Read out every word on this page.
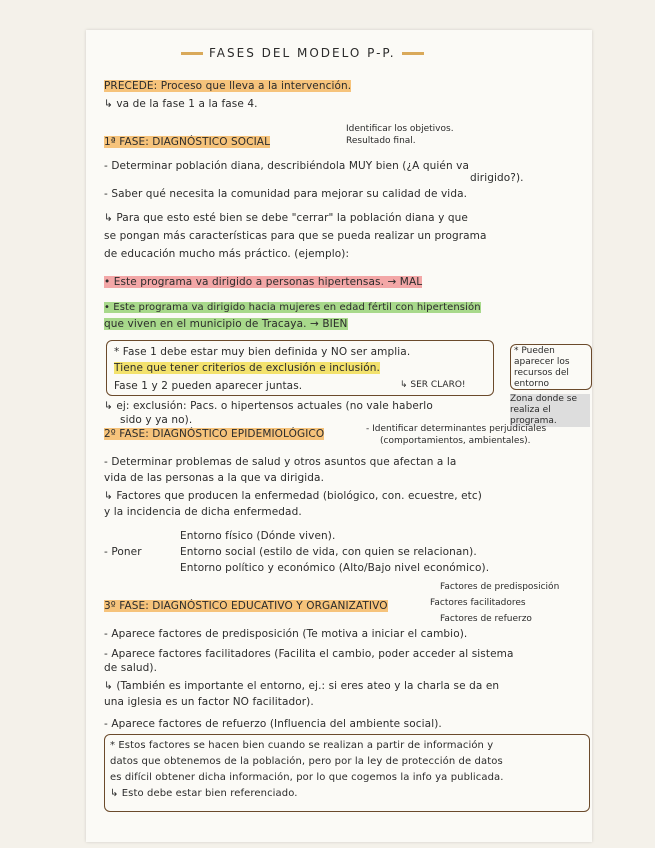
FASES DEL MODELO P-P.
PRECEDE: Proceso que lleva a la intervención.
↳ va de la fase 1 a la fase 4.
1ª FASE: DIAGNÓSTICO SOCIAL
Identificar los objetivos.
Resultado final.
- Determinar población diana, describiéndola MUY bien (¿A quién va
dirigido?).
- Saber qué necesita la comunidad para mejorar su calidad de vida.
↳ Para que esto esté bien se debe "cerrar" la población diana y que
se pongan más características para que se pueda realizar un programa
de educación mucho más práctico. (ejemplo):
• Este programa va dirigido a personas hipertensas. → MAL
• Este programa va dirigido hacia mujeres en edad fértil con hipertensión
que viven en el municipio de Tracaya. → BIEN
* Fase 1 debe estar muy bien definida y NO ser amplia.
Tiene que tener criterios de exclusión e inclusión.
Fase 1 y 2 pueden aparecer juntas.	↳ SER CLARO!
* Pueden aparecer los recursos del entorno
↳ ej: exclusión: Pacs. o hipertensos actuales (no vale haberlo
sido y ya no).
Zona donde se realiza el programa.
2º FASE: DIAGNÓSTICO EPIDEMIOLÓGICO	- Identificar determinantes perjudiciales
(comportamientos, ambientales).
- Determinar problemas de salud y otros asuntos que afectan a la
vida de las personas a la que va dirigida.
↳ Factores que producen la enfermedad (biológico, con. ecuestre, etc)
y la incidencia de dicha enfermedad.
- Poner
Entorno físico (Dónde viven).
Entorno social (estilo de vida, con quien se relacionan).
Entorno político y económico (Alto/Bajo nivel económico).
Factores de predisposición
Factores facilitadores
Factores de refuerzo
3º FASE: DIAGNÓSTICO EDUCATIVO Y ORGANIZATIVO
- Aparece factores de predisposición (Te motiva a iniciar el cambio).
- Aparece factores facilitadores (Facilita el cambio, poder acceder al sistema
de salud).
↳ (También es importante el entorno, ej.: si eres ateo y la charla se da en
una iglesia es un factor NO facilitador).
- Aparece factores de refuerzo (Influencia del ambiente social).
* Estos factores se hacen bien cuando se realizan a partir de información y
datos que obtenemos de la población, pero por la ley de protección de datos
es difícil obtener dicha información, por lo que cogemos la info ya publicada.
↳ Esto debe estar bien referenciado.
